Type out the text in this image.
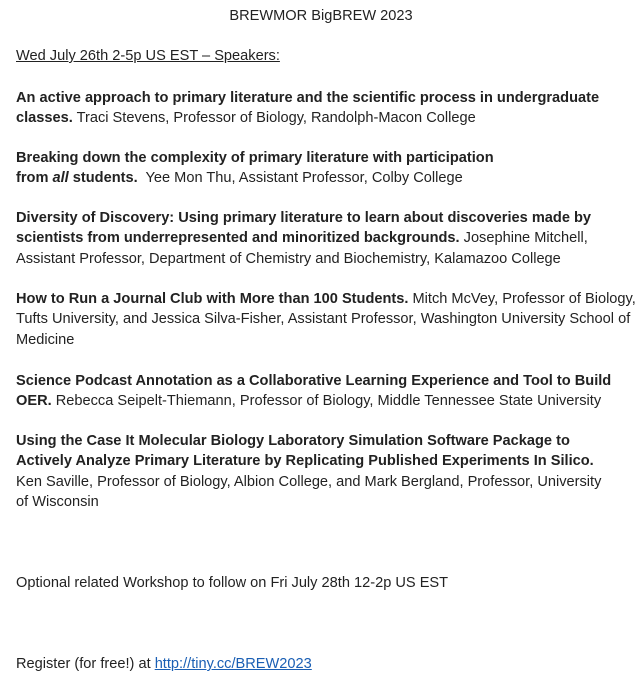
BREWMOR BigBREW 2023
Wed July 26th 2-5p US EST – Speakers:
An active approach to primary literature and the scientific process in undergraduate classes. Traci Stevens, Professor of Biology, Randolph-Macon College
Breaking down the complexity of primary literature with participation from all students. Yee Mon Thu, Assistant Professor, Colby College
Diversity of Discovery: Using primary literature to learn about discoveries made by scientists from underrepresented and minoritized backgrounds. Josephine Mitchell, Assistant Professor, Department of Chemistry and Biochemistry, Kalamazoo College
How to Run a Journal Club with More than 100 Students. Mitch McVey, Professor of Biology, Tufts University, and Jessica Silva-Fisher, Assistant Professor, Washington University School of Medicine
Science Podcast Annotation as a Collaborative Learning Experience and Tool to Build OER. Rebecca Seipelt-Thiemann, Professor of Biology, Middle Tennessee State University
Using the Case It Molecular Biology Laboratory Simulation Software Package to Actively Analyze Primary Literature by Replicating Published Experiments In Silico. Ken Saville, Professor of Biology, Albion College, and Mark Bergland, Professor, University of Wisconsin
Optional related Workshop to follow on Fri July 28th 12-2p US EST
Register (for free!) at http://tiny.cc/BREW2023
